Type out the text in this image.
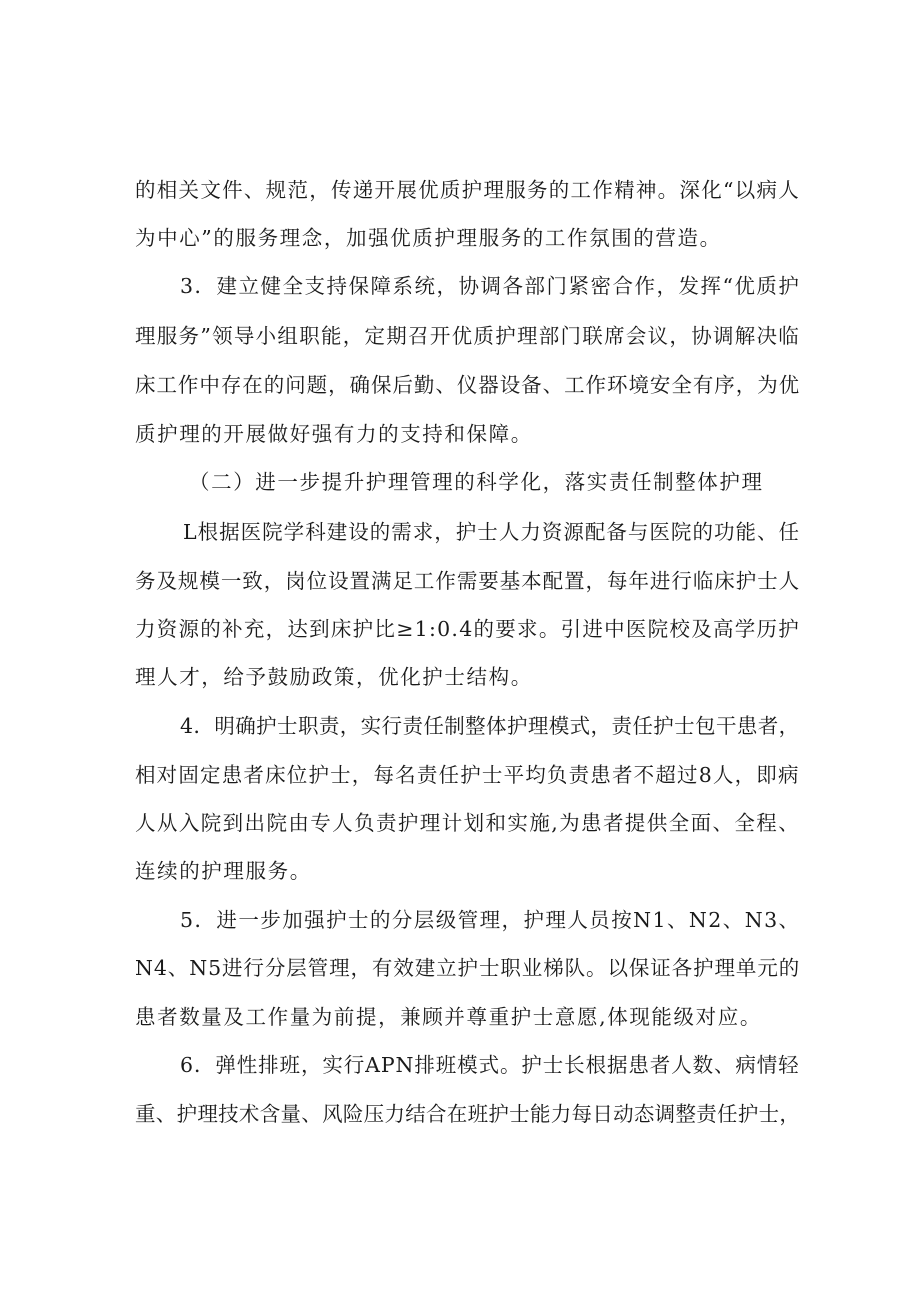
的相关文件、规范，传递开展优质护理服务的工作精神。深化“以病人
为中心”的服务理念，加强优质护理服务的工作氛围的营造。
3．建立健全支持保障系统，协调各部门紧密合作，发挥“优质护
理服务”领导小组职能，定期召开优质护理部门联席会议，协调解决临
床工作中存在的问题，确保后勤、仪器设备、工作环境安全有序，为优
质护理的开展做好强有力的支持和保障。
（二）进一步提升护理管理的科学化，落实责任制整体护理
L根据医院学科建设的需求，护士人力资源配备与医院的功能、任
务及规模一致，岗位设置满足工作需要基本配置，每年进行临床护士人
力资源的补充，达到床护比≥1:0.4的要求。引进中医院校及高学历护
理人才，给予鼓励政策，优化护士结构。
4．明确护士职责，实行责任制整体护理模式，责任护士包干患者，
相对固定患者床位护士，每名责任护士平均负责患者不超过8人，即病
人从入院到出院由专人负责护理计划和实施,为患者提供全面、全程、
连续的护理服务。
5．进一步加强护士的分层级管理，护理人员按N1、N2、N3、
N4、N5进行分层管理，有效建立护士职业梯队。以保证各护理单元的
患者数量及工作量为前提，兼顾并尊重护士意愿,体现能级对应。
6．弹性排班，实行APN排班模式。护士长根据患者人数、病情轻
重、护理技术含量、风险压力结合在班护士能力每日动态调整责任护士，
